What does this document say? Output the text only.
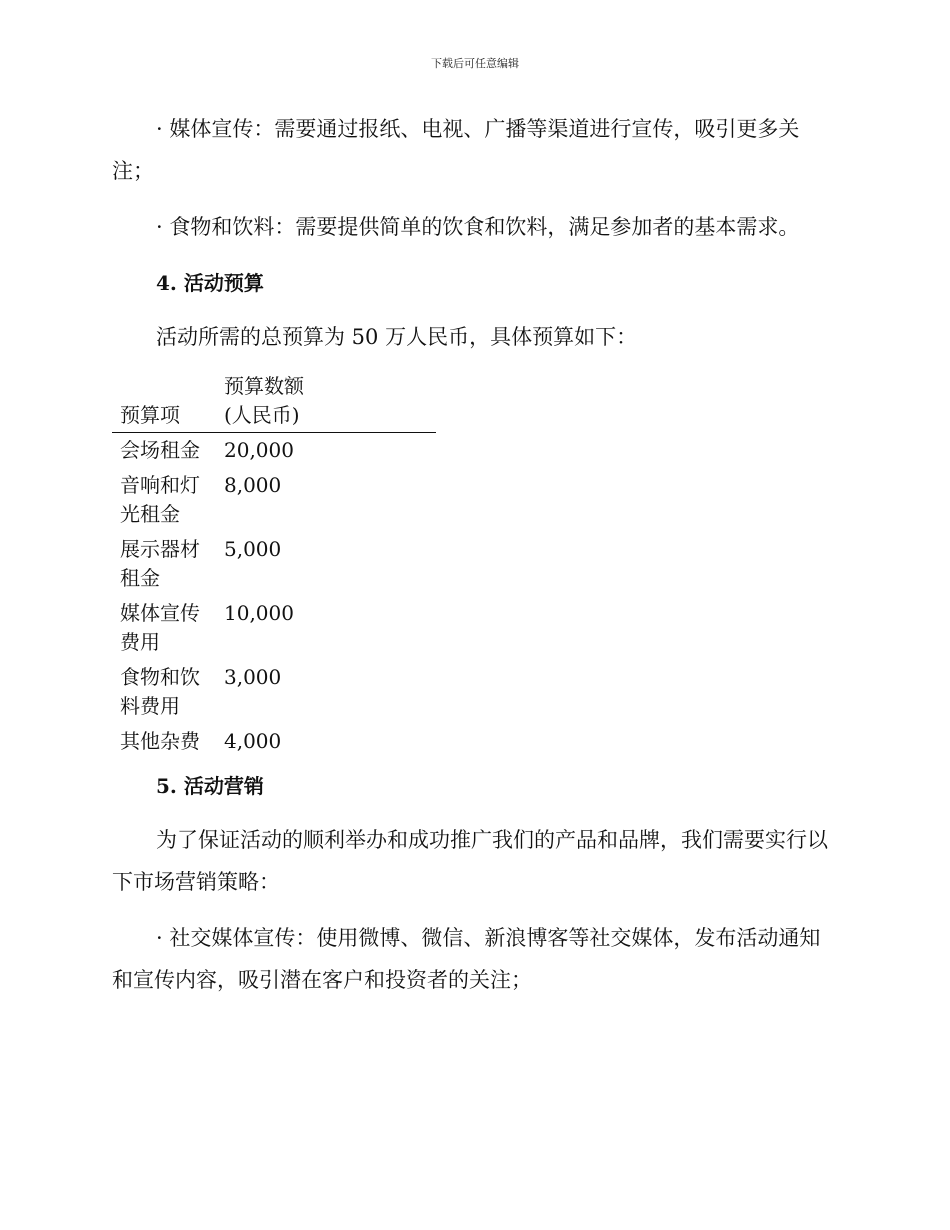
下载后可任意编辑

· 媒体宣传：需要通过报纸、电视、广播等渠道进行宣传，吸引更多关注；

· 食物和饮料：需要提供简单的饮食和饮料，满足参加者的基本需求。

4. 活动预算

活动所需的总预算为 50 万人民币，具体预算如下：

预算项	预算数额(人民币)
会场租金	20,000
音响和灯光租金	8,000
展示器材租金	5,000
媒体宣传费用	10,000
食物和饮料费用	3,000
其他杂费	4,000
5. 活动营销

为了保证活动的顺利举办和成功推广我们的产品和品牌，我们需要实行以下市场营销策略：

· 社交媒体宣传：使用微博、微信、新浪博客等社交媒体，发布活动通知和宣传内容，吸引潜在客户和投资者的关注；
